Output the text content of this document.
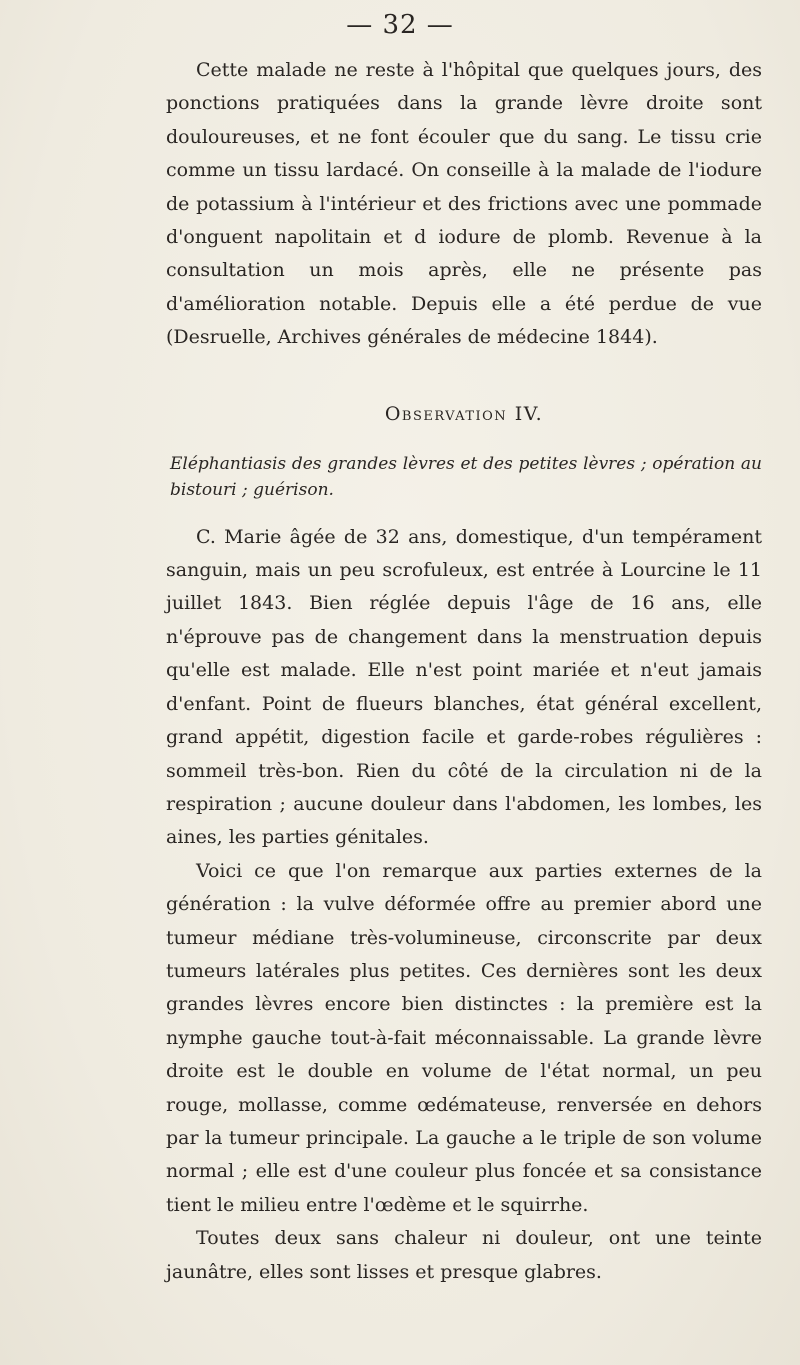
— 32 —

Cette malade ne reste à l'hôpital que quelques jours, des ponctions pratiquées dans la grande lèvre droite sont douloureuses, et ne font écouler que du sang. Le tissu crie comme un tissu lardacé. On conseille à la malade de l'iodure de potassium à l'intérieur et des frictions avec une pommade d'onguent napolitain et d iodure de plomb. Revenue à la consultation un mois après, elle ne présente pas d'amélioration notable. Depuis elle a été perdue de vue (Desruelle, Archives générales de médecine 1844).

Observation IV.

Eléphantiasis des grandes lèvres et des petites lèvres ; opération au bistouri ; guérison.

C. Marie âgée de 32 ans, domestique, d'un tempérament sanguin, mais un peu scrofuleux, est entrée à Lourcine le 11 juillet 1843. Bien réglée depuis l'âge de 16 ans, elle n'éprouve pas de changement dans la menstruation depuis qu'elle est malade. Elle n'est point mariée et n'eut jamais d'enfant. Point de flueurs blanches, état général excellent, grand appétit, digestion facile et garde-robes régulières : sommeil très-bon. Rien du côté de la circulation ni de la respiration ; aucune douleur dans l'abdomen, les lombes, les aines, les parties génitales.

Voici ce que l'on remarque aux parties externes de la génération : la vulve déformée offre au premier abord une tumeur médiane très-volumineuse, circonscrite par deux tumeurs latérales plus petites. Ces dernières sont les deux grandes lèvres encore bien distinctes : la première est la nymphe gauche tout-à-fait méconnaissable. La grande lèvre droite est le double en volume de l'état normal, un peu rouge, mollasse, comme œdémateuse, renversée en dehors par la tumeur principale. La gauche a le triple de son volume normal ; elle est d'une couleur plus foncée et sa consistance tient le milieu entre l'œdème et le squirrhe.

Toutes deux sans chaleur ni douleur, ont une teinte jaunâtre, elles sont lisses et presque glabres.
